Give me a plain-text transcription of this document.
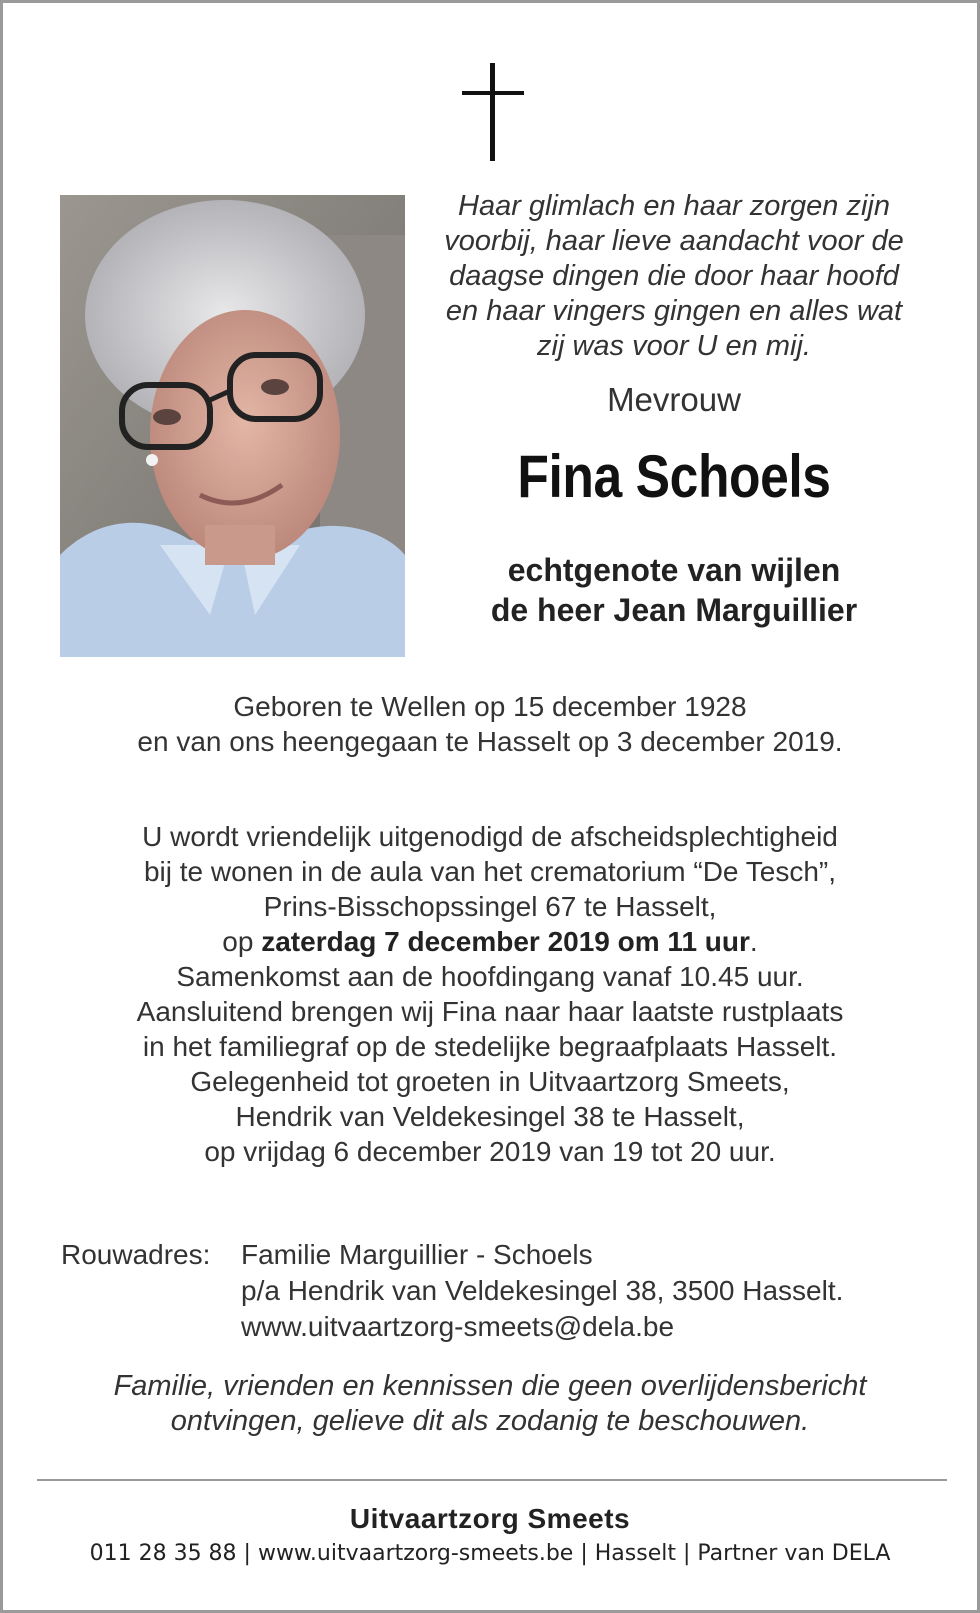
Haar glimlach en haar zorgen zijn
voorbij, haar lieve aandacht voor de
daagse dingen die door haar hoofd
en haar vingers gingen en alles wat
zij was voor U en mij.
Mevrouw
Fina Schoels
echtgenote van wijlen
de heer Jean Marguillier
Geboren te Wellen op 15 december 1928
en van ons heengegaan te Hasselt op 3 december 2019.
U wordt vriendelijk uitgenodigd de afscheidsplechtigheid
bij te wonen in de aula van het crematorium “De Tesch”,
Prins-Bisschopssingel 67 te Hasselt,
op zaterdag 7 december 2019 om 11 uur.
Samenkomst aan de hoofdingang vanaf 10.45 uur.
Aansluitend brengen wij Fina naar haar laatste rustplaats
in het familiegraf op de stedelijke begraafplaats Hasselt.
Gelegenheid tot groeten in Uitvaartzorg Smeets,
Hendrik van Veldekesingel 38 te Hasselt,
op vrijdag 6 december 2019 van 19 tot 20 uur.
Rouwadres:	Familie Marguillier - Schoels
p/a Hendrik van Veldekesingel 38, 3500 Hasselt.
www.uitvaartzorg-smeets@dela.be
Familie, vrienden en kennissen die geen overlijdensbericht
ontvingen, gelieve dit als zodanig te beschouwen.
Uitvaartzorg Smeets
011 28 35 88 | www.uitvaartzorg-smeets.be | Hasselt | Partner van DELA
